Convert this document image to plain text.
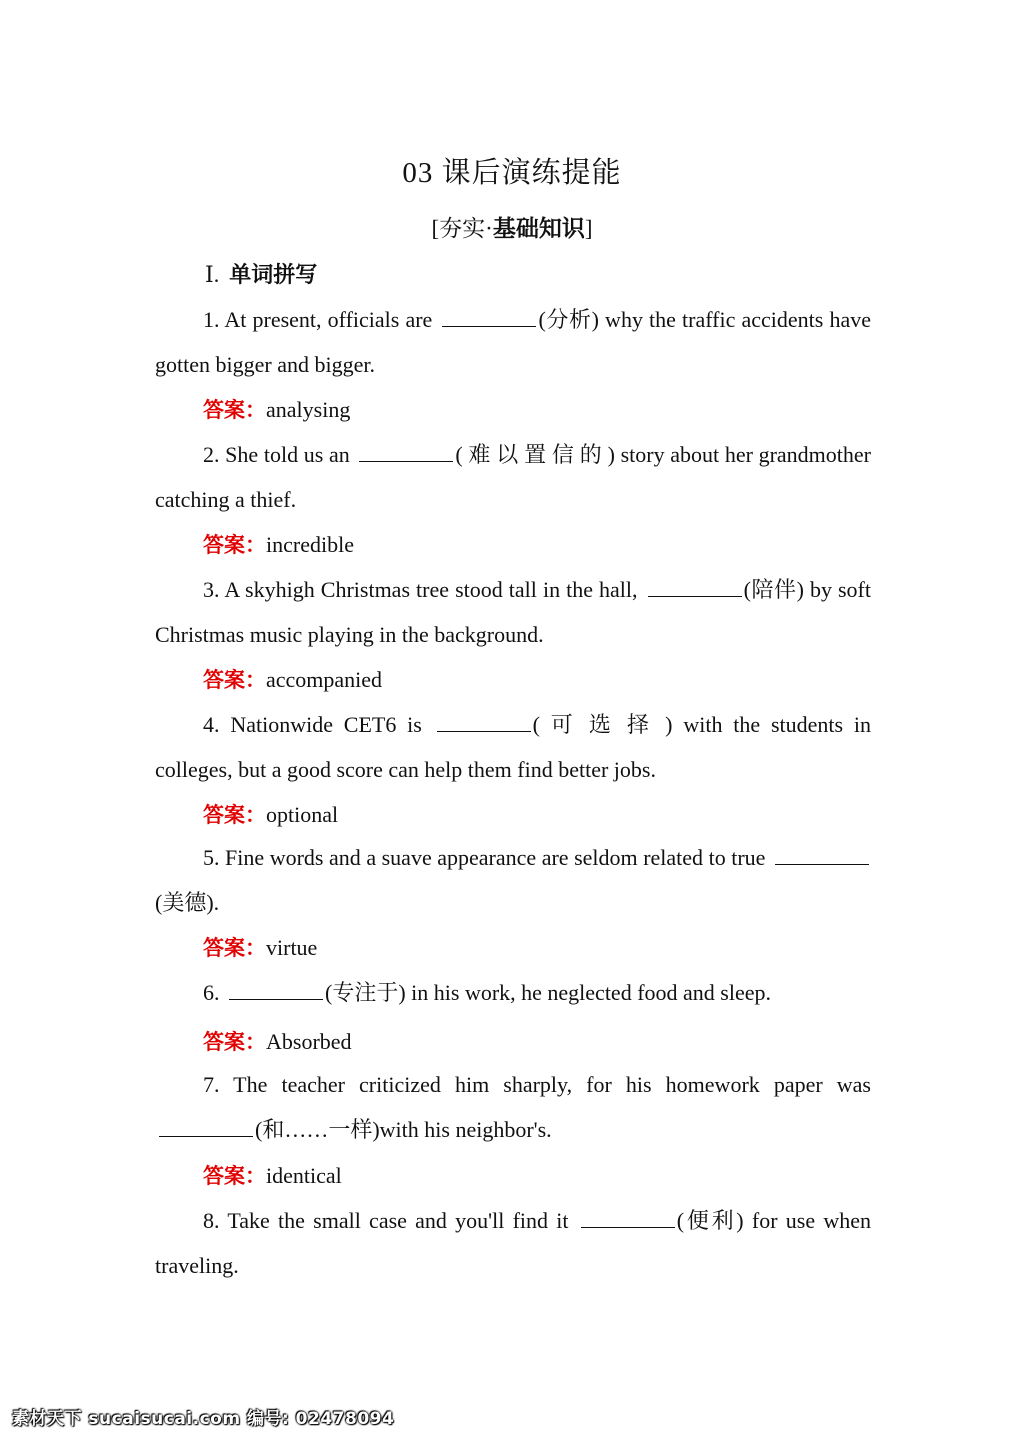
03 课后演练提能
[夯实·基础知识]
Ⅰ. 单词拼写
1. At present, officials are	(分析) why the traffic accidents have gotten bigger and bigger.
答案：analysing
2. She told us an	( 难 以 置 信 的 ) story about her grandmother catching a thief.
答案：incredible
3. A skyhigh Christmas tree stood tall in the hall,	(陪伴) by soft Christmas music playing in the background.
答案：accompanied
4. Nationwide CET6 is	( 可 选 择 ) with the students in colleges, but a good score can help them find better jobs.
答案：optional
5. Fine words and a suave appearance are seldom related to true (美德).
答案：virtue
6.	(专注于) in his work, he neglected food and sleep.
答案：Absorbed
7. The teacher criticized him sharply, for his homework paper was (和……一样)with his neighbor's.
答案：identical
8. Take the small case and you'll find it	(便利) for use when traveling.
素材天下 sucaisucai.com 编号: 02478094
